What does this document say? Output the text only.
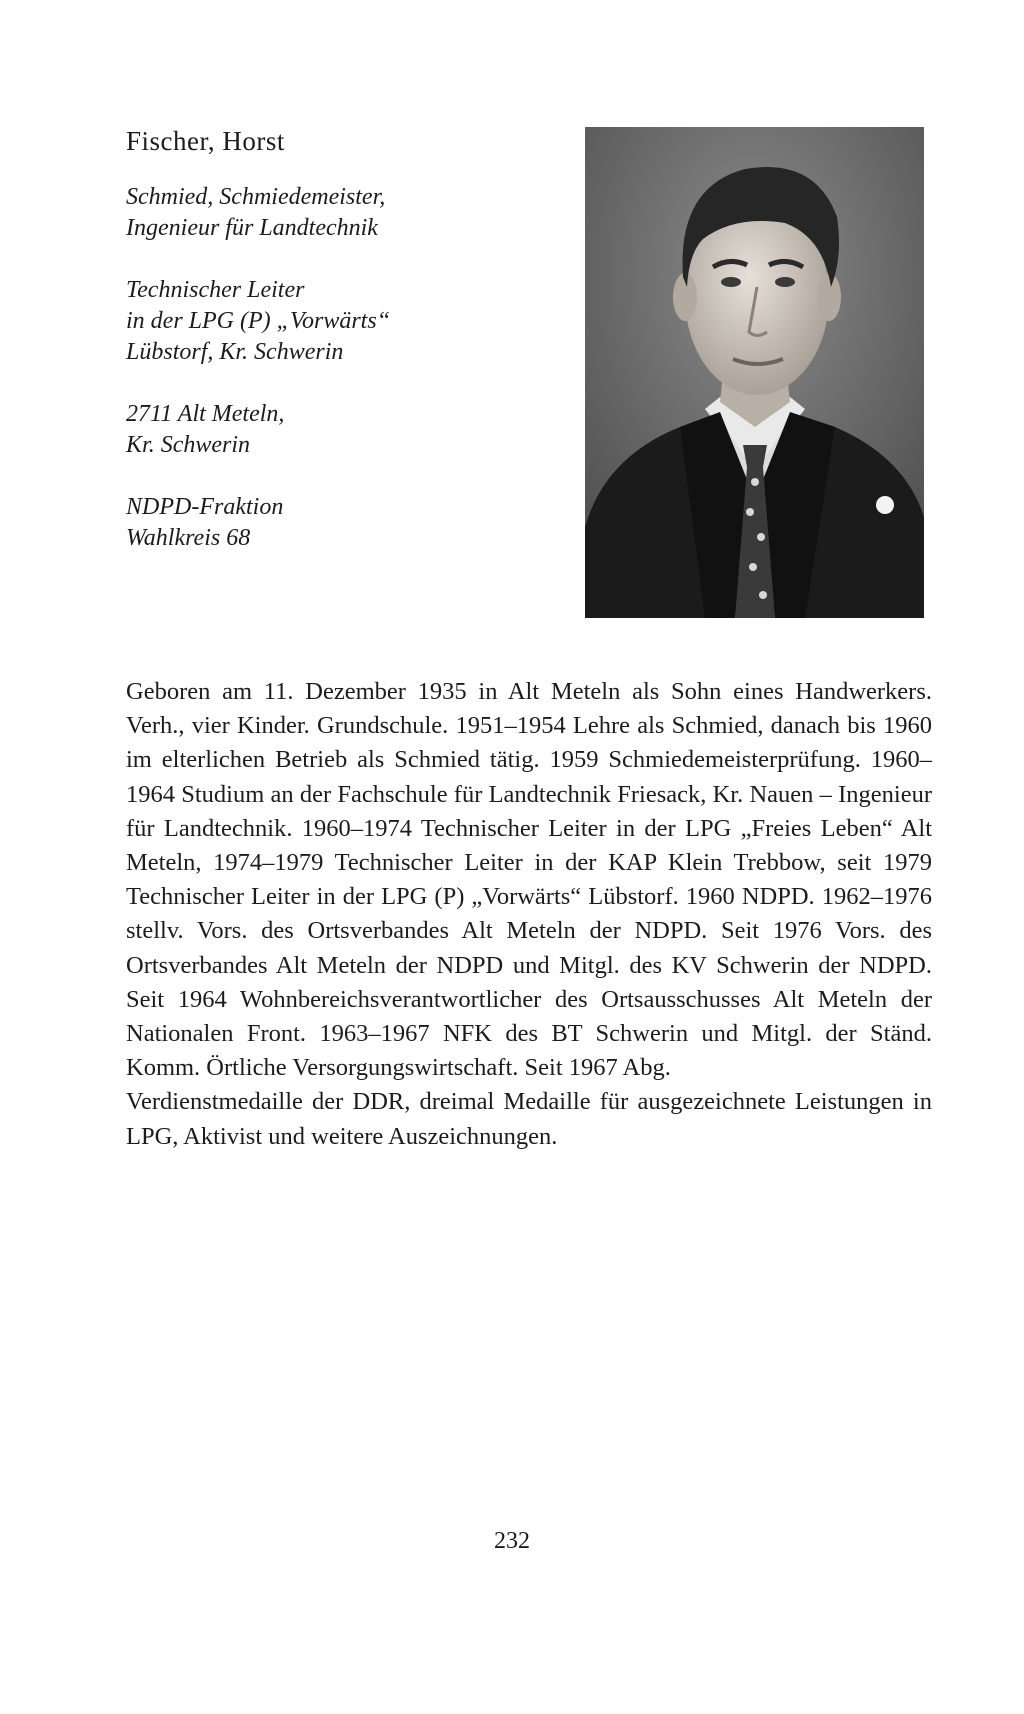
Fischer, Horst
Schmied, Schmiedemeister,
Ingenieur für Landtechnik
Technischer Leiter
in der LPG (P) „Vorwärts“
Lübstorf, Kr. Schwerin
2711 Alt Meteln,
Kr. Schwerin
NDPD-Fraktion
Wahlkreis 68

Geboren am 11. Dezember 1935 in Alt Meteln als Sohn eines Handwerkers. Verh., vier Kinder. Grundschule. 1951–1954 Lehre als Schmied, danach bis 1960 im elterlichen Betrieb als Schmied tätig. 1959 Schmiedemeisterprüfung. 1960–1964 Studium an der Fachschule für Landtechnik Friesack, Kr. Nauen – Ingenieur für Landtechnik. 1960–1974 Technischer Leiter in der LPG „Freies Leben“ Alt Meteln, 1974–1979 Technischer Leiter in der KAP Klein Trebbow, seit 1979 Technischer Leiter in der LPG (P) „Vorwärts“ Lübstorf. 1960 NDPD. 1962–1976 stellv. Vors. des Ortsverbandes Alt Meteln der NDPD. Seit 1976 Vors. des Ortsverbandes Alt Meteln der NDPD und Mitgl. des KV Schwerin der NDPD. Seit 1964 Wohnbereichsverantwortlicher des Ortsausschusses Alt Meteln der Nationalen Front. 1963–1967 NFK des BT Schwerin und Mitgl. der Ständ. Komm. Örtliche Versorgungswirtschaft. Seit 1967 Abg.

Verdienstmedaille der DDR, dreimal Medaille für ausgezeichnete Leistungen in LPG, Aktivist und weitere Auszeichnungen.

232
